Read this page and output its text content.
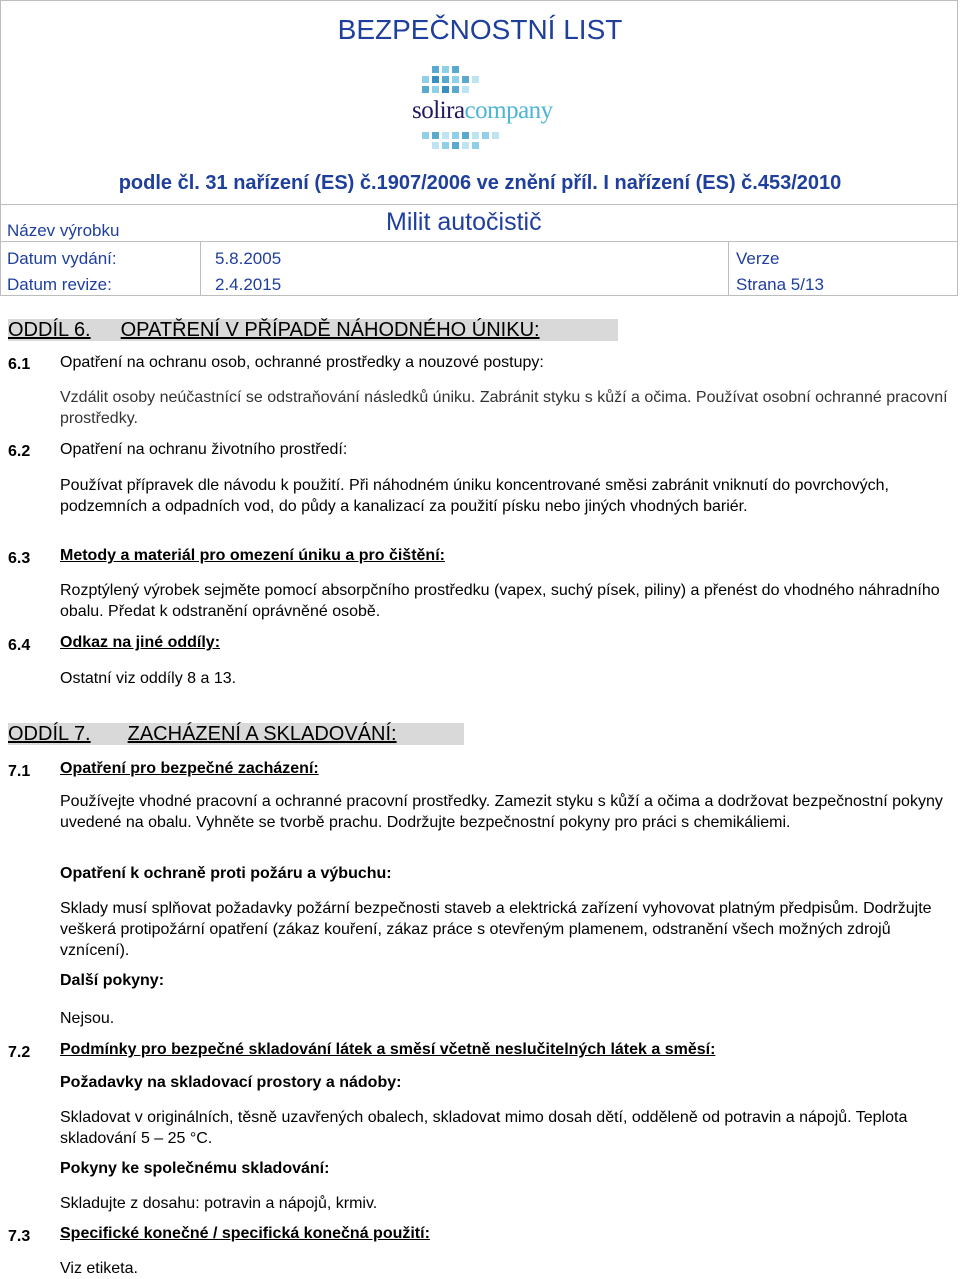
BEZPEČNOSTNÍ LIST
soliracompany
podle čl. 31 nařízení (ES) č.1907/2006 ve znění příl. I nařízení (ES) č.453/2010
Název výrobku	Milit autočistič
Datum vydání:	5.8.2005	Verze
Datum revize:	2.4.2015	Strana 5/13
ODDÍL 6. OPATŘENÍ V PŘÍPADĚ NÁHODNÉHO ÚNIKU:
6.1 Opatření na ochranu osob, ochranné prostředky a nouzové postupy:
Vzdálit osoby neúčastnící se odstraňování následků úniku. Zabránit styku s kůží a očima. Používat osobní ochranné pracovní prostředky.
6.2 Opatření na ochranu životního prostředí:
Používat přípravek dle návodu k použití. Při náhodném úniku koncentrované směsi zabránit vniknutí do povrchových, podzemních a odpadních vod, do půdy a kanalizací za použití písku nebo jiných vhodných bariér.
6.3 Metody a materiál pro omezení úniku a pro čištění:
Rozptýlený výrobek sejměte pomocí absorpčního prostředku (vapex, suchý písek, piliny) a přenést do vhodného náhradního obalu. Předat k odstranění oprávněné osobě.
6.4 Odkaz na jiné oddíly:
Ostatní viz oddíly 8 a 13.
ODDÍL 7. ZACHÁZENÍ A SKLADOVÁNÍ:
7.1 Opatření pro bezpečné zacházení:
Používejte vhodné pracovní a ochranné pracovní prostředky. Zamezit styku s kůží a očima a dodržovat bezpečnostní pokyny uvedené na obalu. Vyhněte se tvorbě prachu. Dodržujte bezpečnostní pokyny pro práci s chemikáliemi.
Opatření k ochraně proti požáru a výbuchu:
Sklady musí splňovat požadavky požární bezpečnosti staveb a elektrická zařízení vyhovovat platným předpisům. Dodržujte veškerá protipožární opatření (zákaz kouření, zákaz práce s otevřeným plamenem, odstranění všech možných zdrojů vznícení).
Další pokyny:
Nejsou.
7.2 Podmínky pro bezpečné skladování látek a směsí včetně neslučitelných látek a směsí:
Požadavky na skladovací prostory a nádoby:
Skladovat v originálních, těsně uzavřených obalech, skladovat mimo dosah dětí, odděleně od potravin a nápojů. Teplota skladování 5 – 25 °C.
Pokyny ke společnému skladování:
Skladujte z dosahu: potravin a nápojů, krmiv.
7.3 Specifické konečné / specifická konečná použití:
Viz etiketa.
